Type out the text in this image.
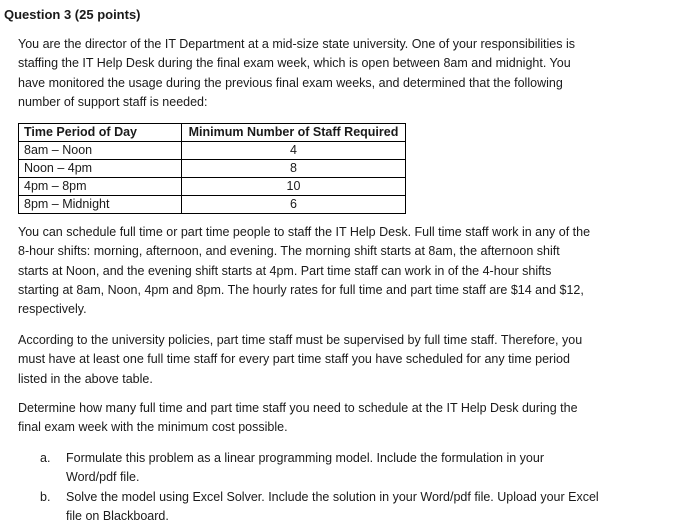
Question 3 (25 points)
You are the director of the IT Department at a mid-size state university. One of your responsibilities is
staffing the IT Help Desk during the final exam week, which is open between 8am and midnight. You
have monitored the usage during the previous final exam weeks, and determined that the following
number of support staff is needed:
Time Period of Day	Minimum Number of Staff Required
8am – Noon	4
Noon – 4pm	8
4pm – 8pm	10
8pm – Midnight	6
You can schedule full time or part time people to staff the IT Help Desk. Full time staff work in any of the
8-hour shifts: morning, afternoon, and evening. The morning shift starts at 8am, the afternoon shift
starts at Noon, and the evening shift starts at 4pm. Part time staff can work in of the 4-hour shifts
starting at 8am, Noon, 4pm and 8pm. The hourly rates for full time and part time staff are $14 and $12,
respectively.
According to the university policies, part time staff must be supervised by full time staff. Therefore, you
must have at least one full time staff for every part time staff you have scheduled for any time period
listed in the above table.
Determine how many full time and part time staff you need to schedule at the IT Help Desk during the
final exam week with the minimum cost possible.
a. Formulate this problem as a linear programming model. Include the formulation in your
Word/pdf file.
b. Solve the model using Excel Solver. Include the solution in your Word/pdf file. Upload your Excel
file on Blackboard.
